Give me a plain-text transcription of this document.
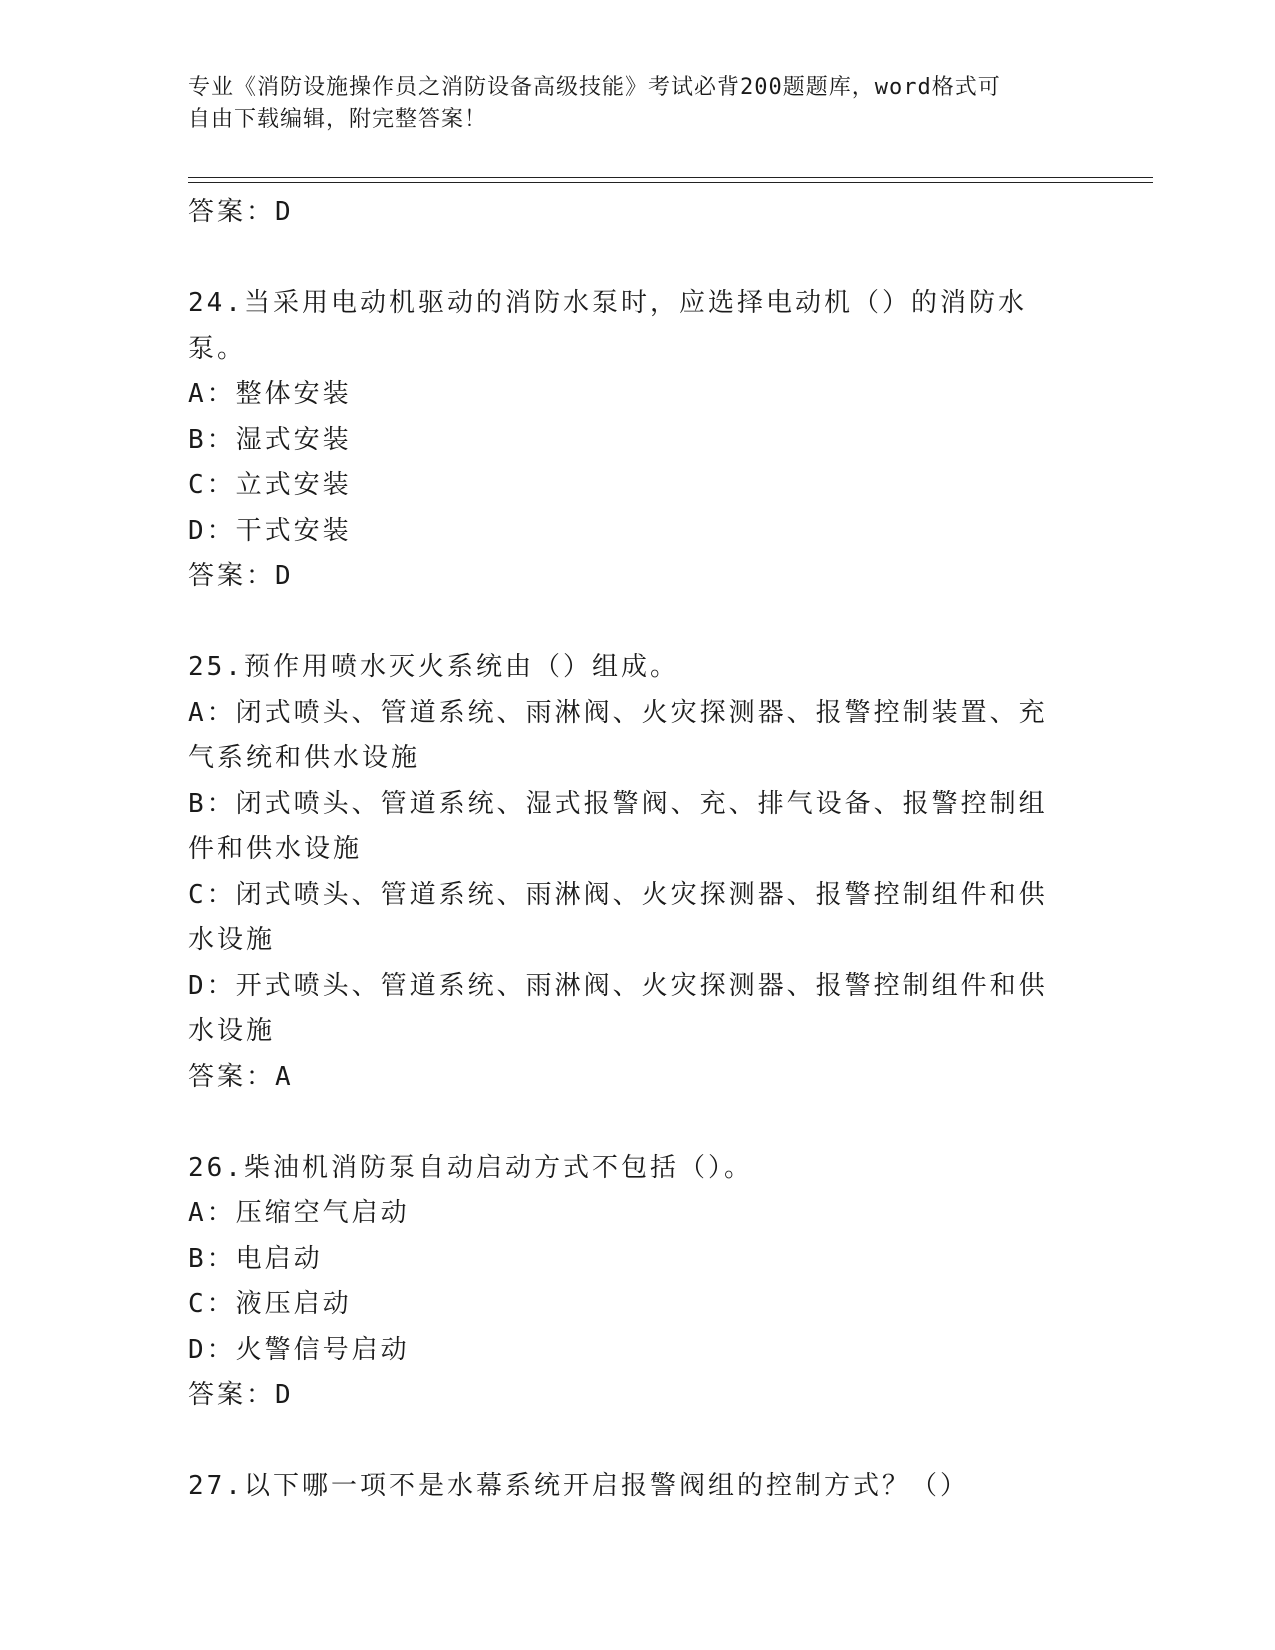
专业《消防设施操作员之消防设备高级技能》考试必背200题题库，word格式可
自由下载编辑，附完整答案！
答案：D
24.当采用电动机驱动的消防水泵时，应选择电动机（）的消防水泵。
A：整体安装
B：湿式安装
C：立式安装
D：干式安装
答案：D
25.预作用喷水灭火系统由（）组成。
A：闭式喷头、管道系统、雨淋阀、火灾探测器、报警控制装置、充气系统和供水设施
B：闭式喷头、管道系统、湿式报警阀、充、排气设备、报警控制组件和供水设施
C：闭式喷头、管道系统、雨淋阀、火灾探测器、报警控制组件和供水设施
D：开式喷头、管道系统、雨淋阀、火灾探测器、报警控制组件和供水设施
答案：A
26.柴油机消防泵自动启动方式不包括（）。
A：压缩空气启动
B：电启动
C：液压启动
D：火警信号启动
答案：D
27.以下哪一项不是水幕系统开启报警阀组的控制方式？（）
